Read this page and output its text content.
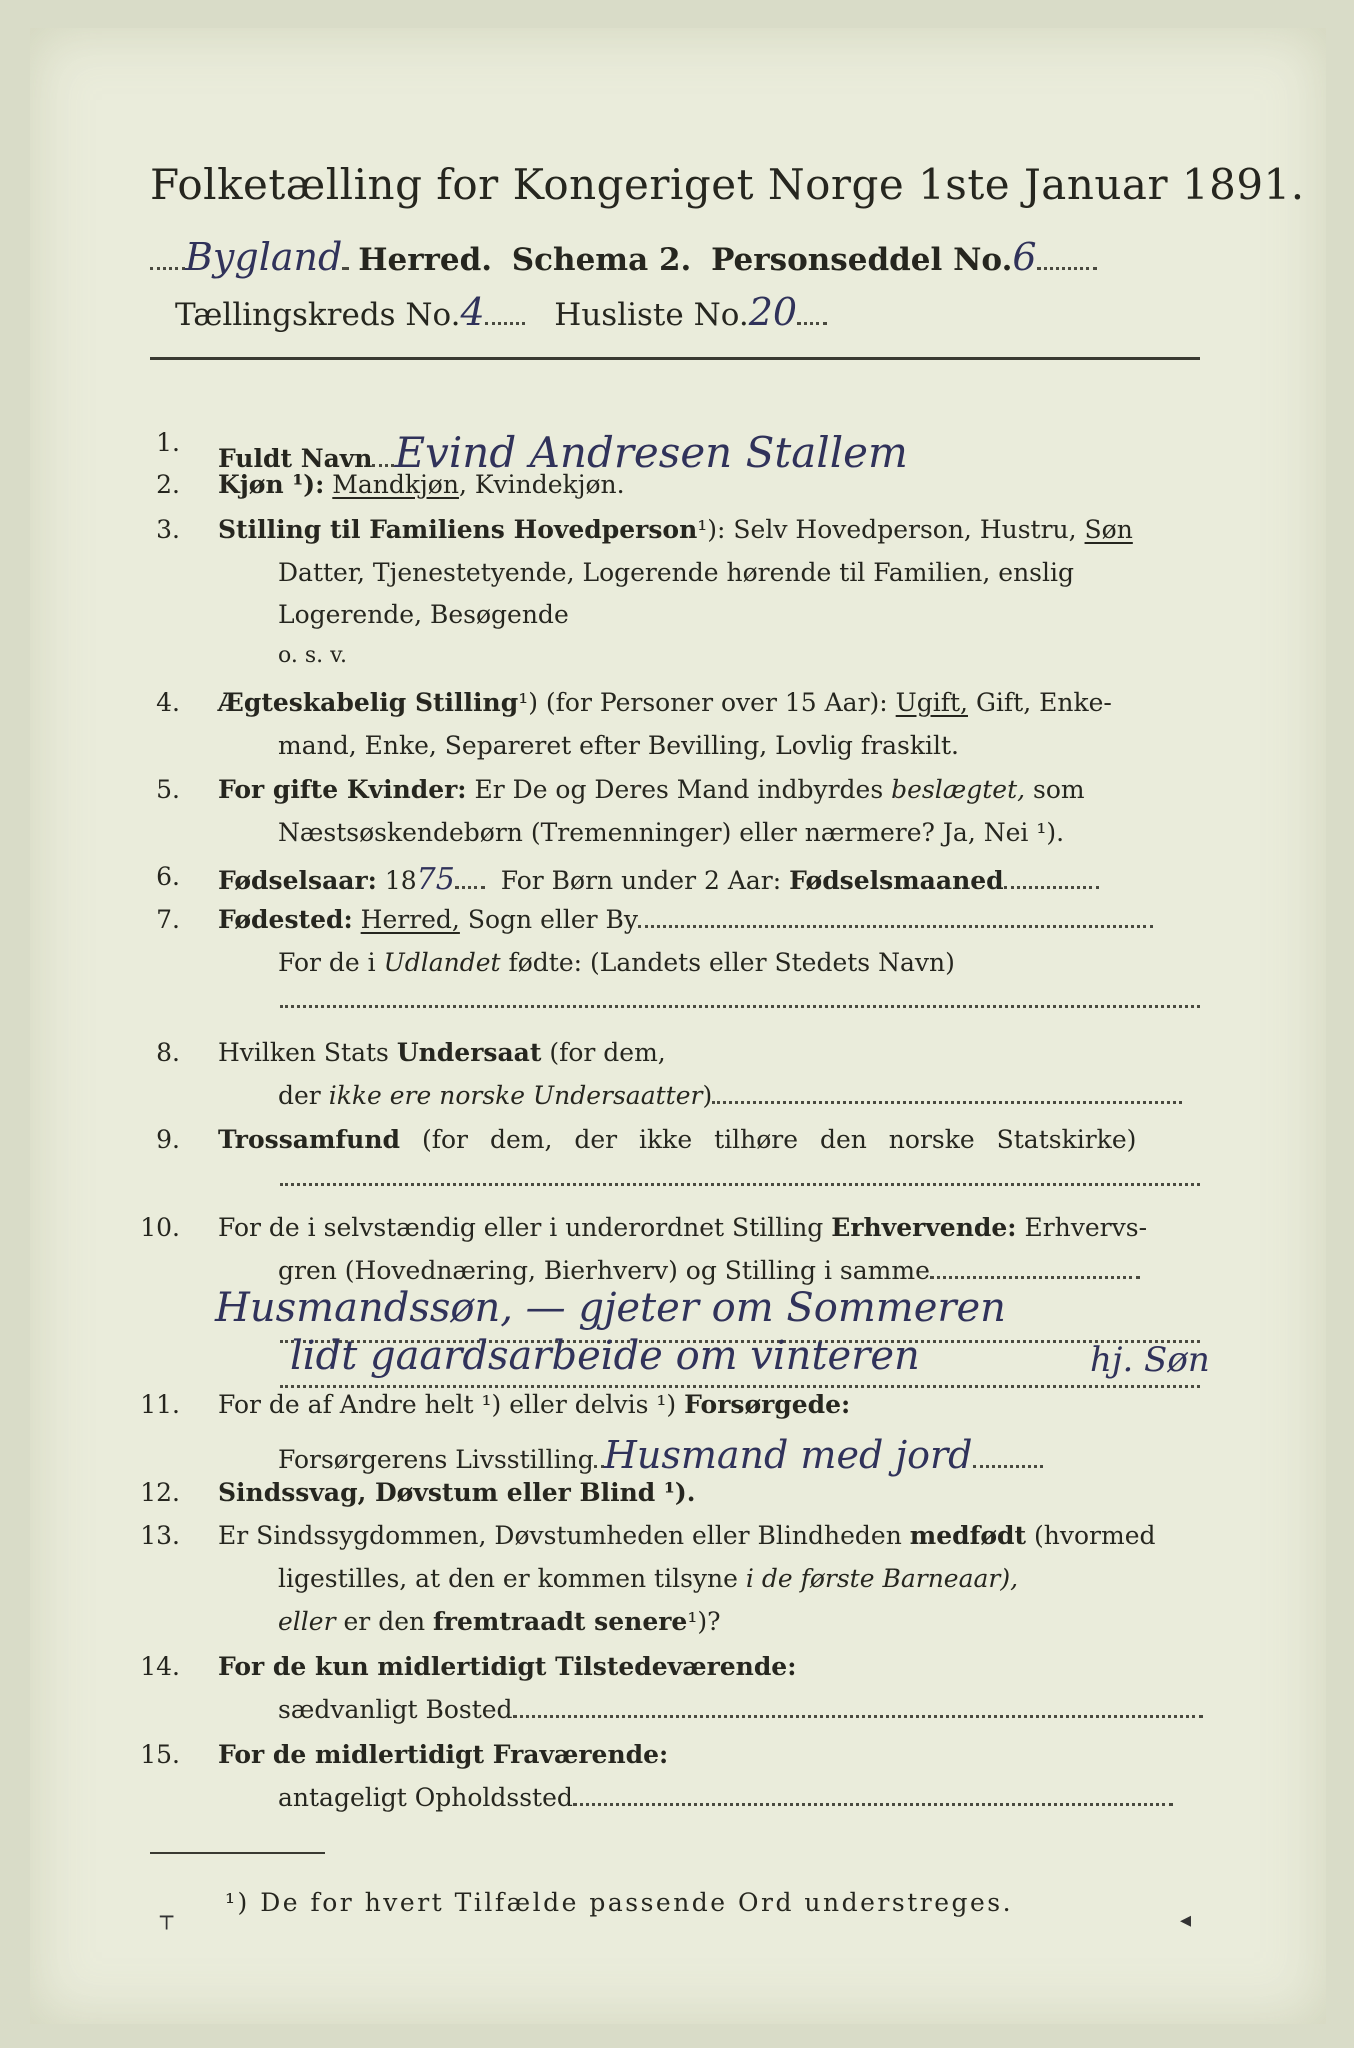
Folketælling for Kongeriget Norge 1ste Januar 1891.
Bygland Herred. Schema 2. Personseddel No.6
Tællingskreds No.4 Husliste No.20
1.
Fuldt Navn Evind Andresen Stallem
2. Kjøn ¹): Mandkjøn, Kvindekjøn.
3. Stilling til Familiens Hovedperson¹): Selv Hovedperson, Hustru, Søn
Datter, Tjenestetyende, Logerende hørende til Familien, enslig
Logerende, Besøgende
o. s. v.
4. Ægteskabelig Stilling¹) (for Personer over 15 Aar): Ugift, Gift, Enke-
mand, Enke, Separeret efter Bevilling, Lovlig fraskilt.
5. For gifte Kvinder: Er De og Deres Mand indbyrdes beslægtet, som
Næstsøskendebørn (Tremenninger) eller nærmere? Ja, Nei ¹).
6. Fødselsaar: 1875 For Børn under 2 Aar: Fødselsmaaned
7. Fødested: Herred, Sogn eller By
For de i Udlandet fødte: (Landets eller Stedets Navn)
8. Hvilken Stats Undersaat (for dem,
der ikke ere norske Undersaatter)
9. Trossamfund (for dem, der ikke tilhøre den norske Statskirke)
10. For de i selvstændig eller i underordnet Stilling Erhvervende: Erhvervs-
gren (Hovednæring, Bierhverv) og Stilling i samme
Husmandssøn, — gjeter om Sommeren
lidt gaardsarbeide om vinteren	hj. Søn
11. For de af Andre helt ¹) eller delvis ¹) Forsørgede:
Forsørgerens Livsstilling Husmand med jord
12. Sindssvag, Døvstum eller Blind ¹).
13. Er Sindssygdommen, Døvstumheden eller Blindheden medfødt (hvormed
ligestilles, at den er kommen tilsyne i de første Barneaar),
eller er den fremtraadt senere¹)?
14. For de kun midlertidigt Tilstedeværende:
sædvanligt Bosted
15. For de midlertidigt Fraværende:
antageligt Opholdssted
¹) De for hvert Tilfælde passende Ord understreges.
┬	◂
